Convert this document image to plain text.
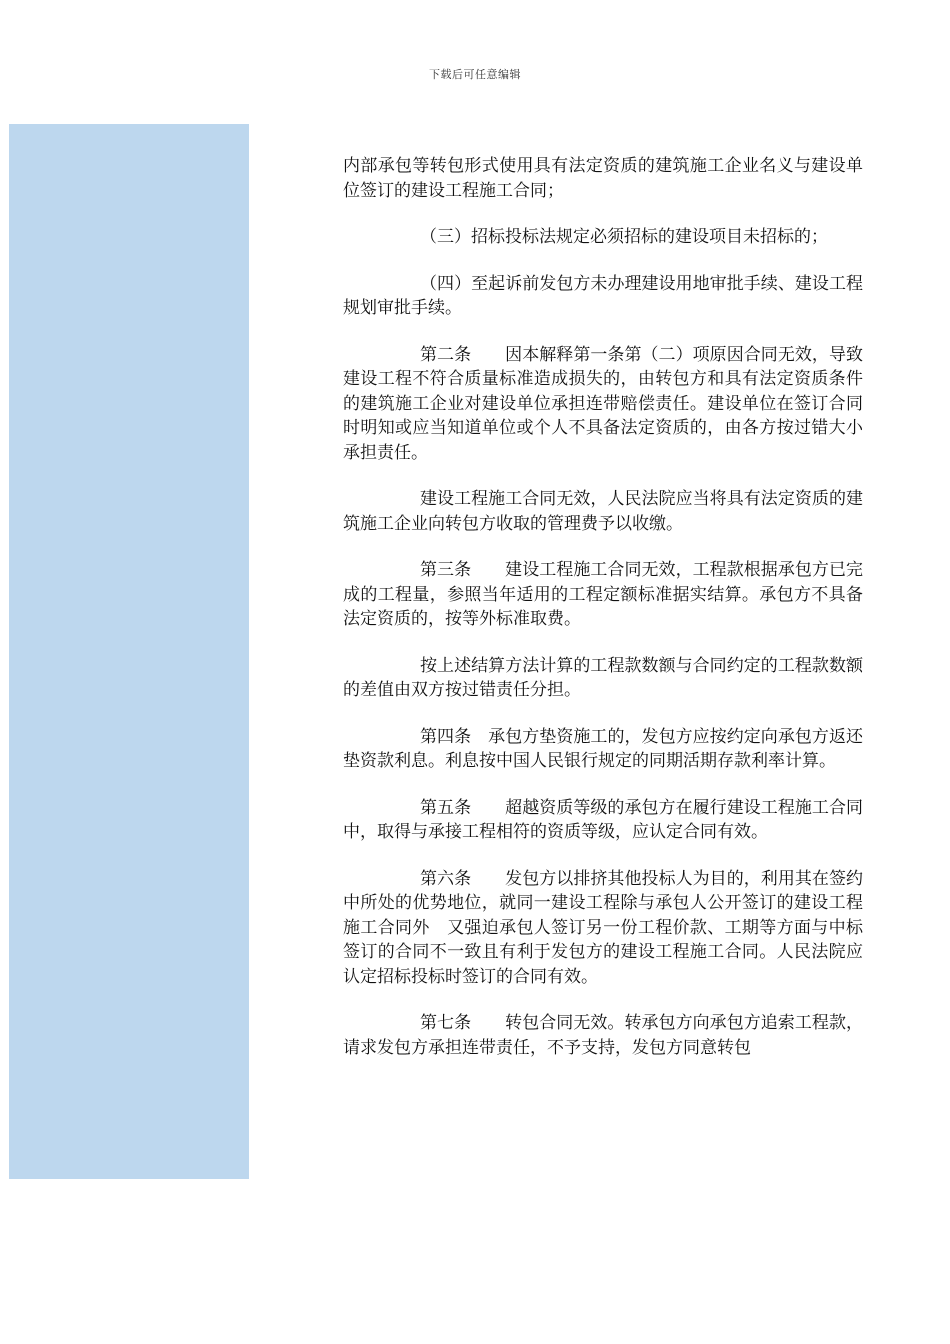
下载后可任意编辑

内部承包等转包形式使用具有法定资质的建筑施工企业名义与建设单位签订的建设工程施工合同；

（三）招标投标法规定必须招标的建设项目未招标的；

（四）至起诉前发包方未办理建设用地审批手续、建设工程规划审批手续。

第二条 因本解释第一条第（二）项原因合同无效，导致建设工程不符合质量标准造成损失的，由转包方和具有法定资质条件的建筑施工企业对建设单位承担连带赔偿责任。建设单位在签订合同时明知或应当知道单位或个人不具备法定资质的，由各方按过错大小承担责任。

建设工程施工合同无效，人民法院应当将具有法定资质的建筑施工企业向转包方收取的管理费予以收缴。

第三条 建设工程施工合同无效，工程款根据承包方已完成的工程量，参照当年适用的工程定额标准据实结算。承包方不具备法定资质的，按等外标准取费。

按上述结算方法计算的工程款数额与合同约定的工程款数额的差值由双方按过错责任分担。

第四条 承包方垫资施工的，发包方应按约定向承包方返还垫资款利息。利息按中国人民银行规定的同期活期存款利率计算。

第五条 超越资质等级的承包方在履行建设工程施工合同中，取得与承接工程相符的资质等级，应认定合同有效。

第六条 发包方以排挤其他投标人为目的，利用其在签约中所处的优势地位，就同一建设工程除与承包人公开签订的建设工程施工合同外　又强迫承包人签订另一份工程价款、工期等方面与中标签订的合同不一致且有利于发包方的建设工程施工合同。人民法院应认定招标投标时签订的合同有效。

第七条 转包合同无效。转承包方向承包方追索工程款，请求发包方承担连带责任，不予支持，发包方同意转包
